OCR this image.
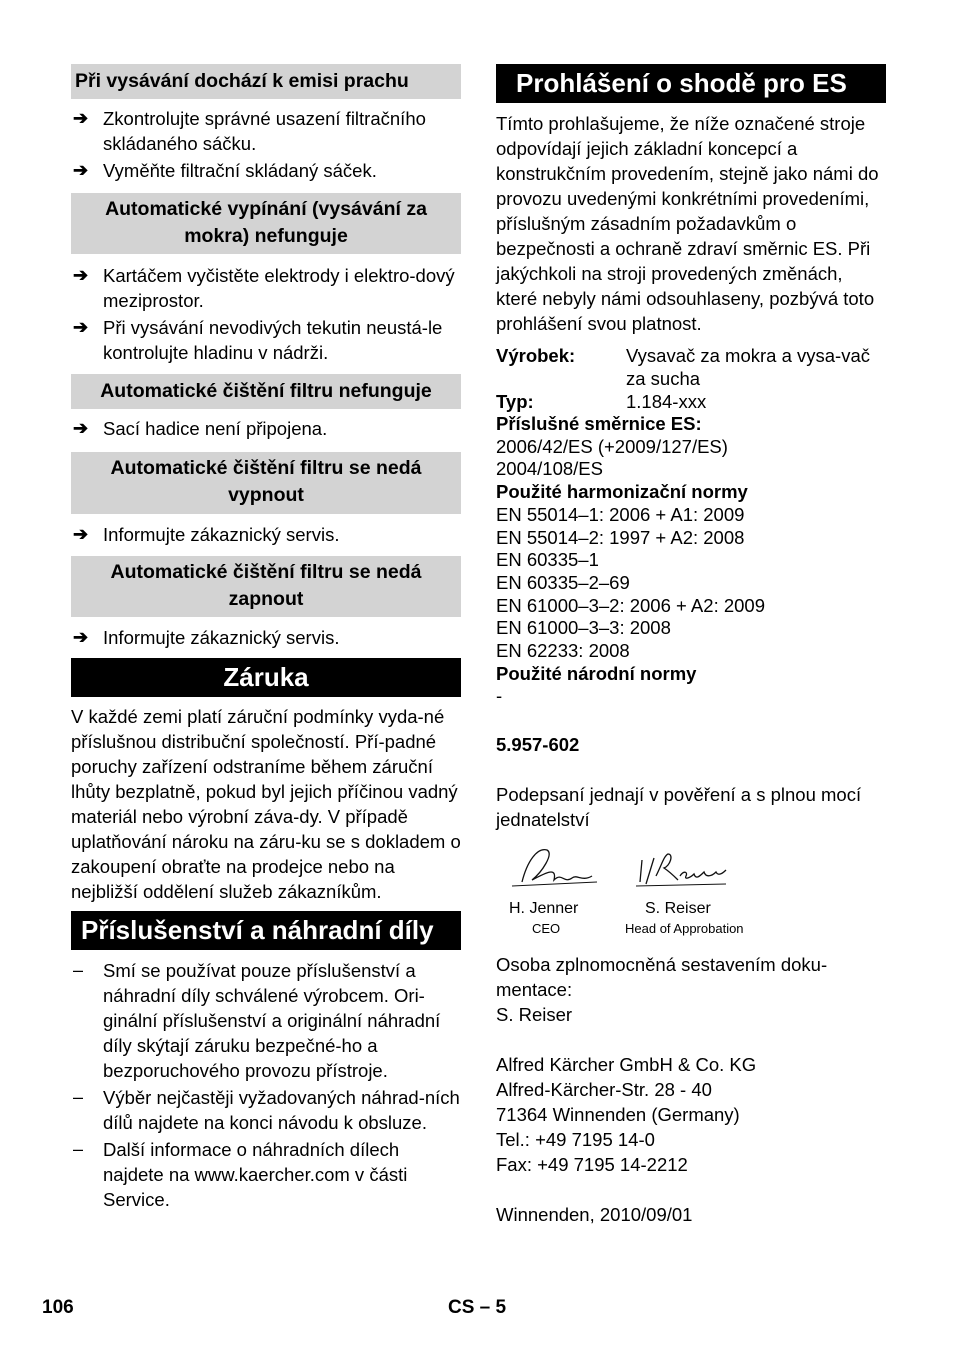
Při vysávání dochází k emisi prachu
➔ Zkontrolujte správné usazení filtračního skládaného sáčku.
➔ Vyměňte filtrační skládaný sáček.
Automatické vypínání (vysávání za mokra) nefunguje
➔ Kartáčem vyčistěte elektrody i elektro-dový meziprostor.
➔ Při vysávání nevodivých tekutin neustá-le kontrolujte hladinu v nádrži.
Automatické čištění filtru nefunguje
➔ Sací hadice není připojena.
Automatické čištění filtru se nedá vypnout
➔ Informujte zákaznický servis.
Automatické čištění filtru se nedá zapnout
➔ Informujte zákaznický servis.
Záruka
V každé zemi platí záruční podmínky vyda-né příslušnou distribuční společností. Pří-padné poruchy zařízení odstraníme během záruční lhůty bezplatně, pokud byl jejich příčinou vadný materiál nebo výrobní záva-dy. V případě uplatňování nároku na záru-ku se s dokladem o zakoupení obraťte na prodejce nebo na nejbližší oddělení služeb zákazníkům.
Příslušenství a náhradní díly
– Smí se používat pouze příslušenství a náhradní díly schválené výrobcem. Ori-ginální příslušenství a originální náhradní díly skýtají záruku bezpečné-ho a bezporuchového provozu přístroje.
– Výběr nejčastěji vyžadovaných náhrad-ních dílů najdete na konci návodu k obsluze.
– Další informace o náhradních dílech najdete na www.kaercher.com v části Service.
Prohlášení o shodě pro ES
Tímto prohlašujeme, že níže označené stroje odpovídají jejich základní koncepcí a konstrukčním provedením, stejně jako námi do provozu uvedenými konkrétními provedeními, příslušným zásadním požadavkům o bezpečnosti a ochraně zdraví směrnic ES. Při jakýchkoli na stroji provedených změnách, které nebyly námi odsouhlaseny, pozbývá toto prohlášení svou platnost.
Výrobek:	Vysavač za mokra a vysa-vač za sucha
Typ:	1.184-xxx
Příslušné směrnice ES:
2006/42/ES (+2009/127/ES)
2004/108/ES
Použité harmonizační normy
EN 55014–1: 2006 + A1: 2009
EN 55014–2: 1997 + A2: 2008
EN 60335–1
EN 60335–2–69
EN 61000–3–2: 2006 + A2: 2009
EN 61000–3–3: 2008
EN 62233: 2008
Použité národní normy
-
5.957-602
Podepsaní jednají v pověření a s plnou mocí jednatelství
H. Jenner
CEO
S. Reiser
Head of Approbation
Osoba zplnomocněná sestavením doku-mentace:
S. Reiser
Alfred Kärcher GmbH & Co. KG
Alfred-Kärcher-Str. 28 - 40
71364 Winnenden (Germany)
Tel.: +49 7195 14-0
Fax: +49 7195 14-2212
Winnenden, 2010/09/01
106	CS – 5
